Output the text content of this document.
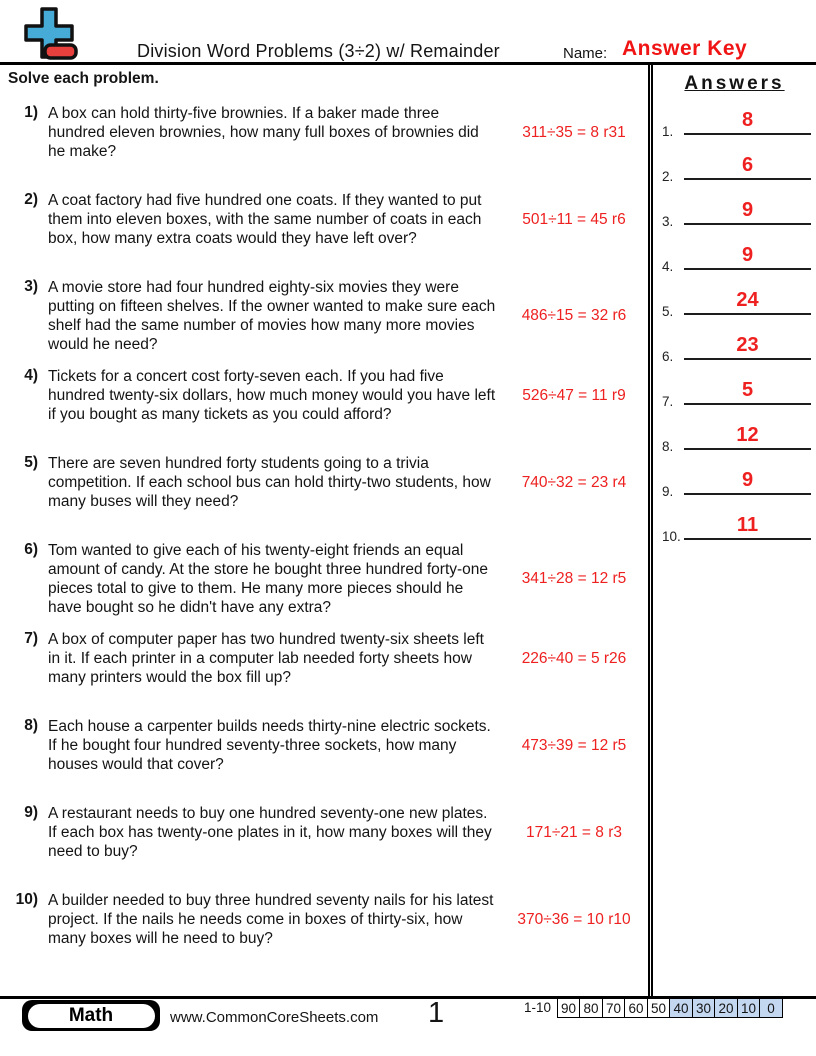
Division Word Problems (3÷2) w/ Remainder	Name: Answer Key
Solve each problem.
1) A box can hold thirty-five brownies. If a baker made three hundred eleven brownies, how many full boxes of brownies did he make?

311÷35 = 8 r31
2) A coat factory had five hundred one coats. If they wanted to put them into eleven boxes, with the same number of coats in each box, how many extra coats would they have left over?

501÷11 = 45 r6
3) A movie store had four hundred eighty-six movies they were putting on fifteen shelves. If the owner wanted to make sure each shelf had the same number of movies how many more movies would he need?

486÷15 = 32 r6
4) Tickets for a concert cost forty-seven each. If you had five hundred twenty-six dollars, how much money would you have left if you bought as many tickets as you could afford?

526÷47 = 11 r9
5) There are seven hundred forty students going to a trivia competition. If each school bus can hold thirty-two students, how many buses will they need?

740÷32 = 23 r4
6) Tom wanted to give each of his twenty-eight friends an equal amount of candy. At the store he bought three hundred forty-one pieces total to give to them. He many more pieces should he have bought so he didn't have any extra?

341÷28 = 12 r5
7) A box of computer paper has two hundred twenty-six sheets left in it. If each printer in a computer lab needed forty sheets how many printers would the box fill up?

226÷40 = 5 r26
8) Each house a carpenter builds needs thirty-nine electric sockets. If he bought four hundred seventy-three sockets, how many houses would that cover?

473÷39 = 12 r5
9) A restaurant needs to buy one hundred seventy-one new plates. If each box has twenty-one plates in it, how many boxes will they need to buy?

171÷21 = 8 r3
10) A builder needed to buy three hundred seventy nails for his latest project. If the nails he needs come in boxes of thirty-six, how many boxes will he need to buy?

370÷36 = 10 r10
Answers
1.
8
2.
6
3.
9
4.
9
5.
24
6.
23
7.
5
8.
12
9.
9
10.
11
Math	www.CommonCoreSheets.com 1	1-10 90 80 70 60 50 40 30 20 10 0
